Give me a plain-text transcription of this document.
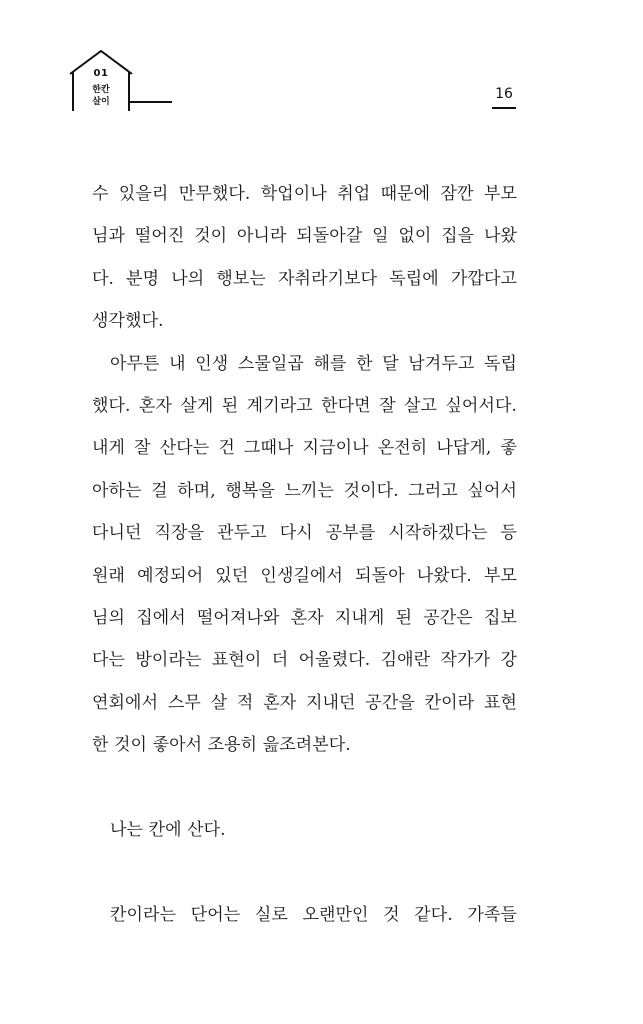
01
한칸
살이	16
수 있을리 만무했다. 학업이나 취업 때문에 잠깐 부모
님과 떨어진 것이 아니라 되돌아갈 일 없이 집을 나왔
다. 분명 나의 행보는 자취라기보다 독립에 가깝다고
생각했다.
아무튼 내 인생 스물일곱 해를 한 달 남겨두고 독립
했다. 혼자 살게 된 계기라고 한다면 잘 살고 싶어서다.
내게 잘 산다는 건 그때나 지금이나 온전히 나답게, 좋
아하는 걸 하며, 행복을 느끼는 것이다. 그러고 싶어서
다니던 직장을 관두고 다시 공부를 시작하겠다는 등
원래 예정되어 있던 인생길에서 되돌아 나왔다. 부모
님의 집에서 떨어져나와 혼자 지내게 된 공간은 집보
다는 방이라는 표현이 더 어울렸다. 김애란 작가가 강
연회에서 스무 살 적 혼자 지내던 공간을 칸이라 표현
한 것이 좋아서 조용히 읊조려본다.
나는 칸에 산다.
칸이라는 단어는 실로 오랜만인 것 같다. 가족들
